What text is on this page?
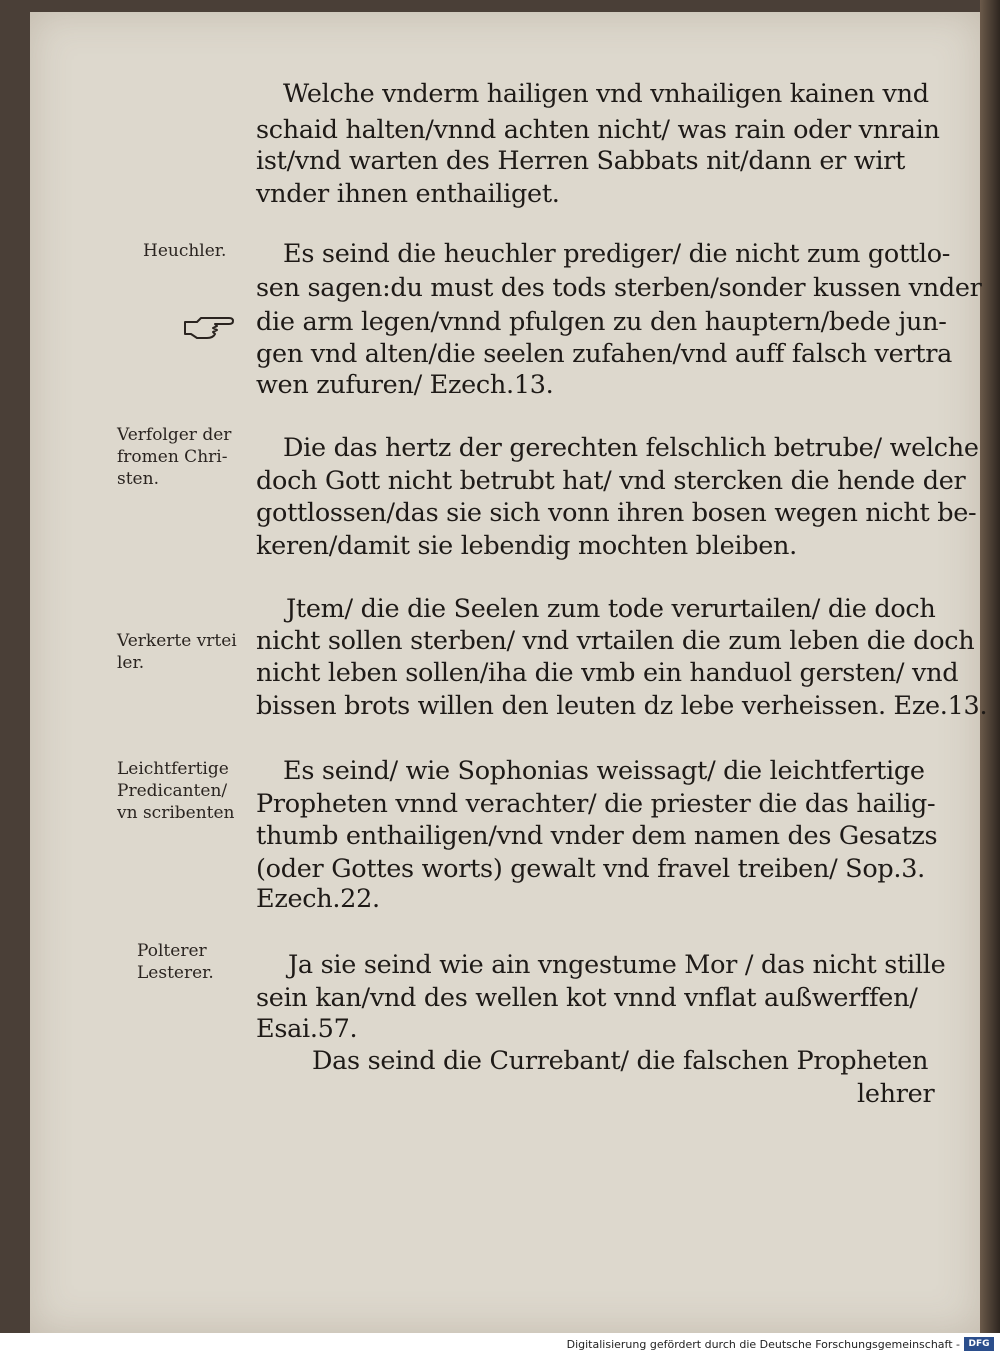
Welche vnderm hailigen vnd vnhailigen kainen vnd
schaid halten/vnnd achten nicht/ was rain oder vnrain
ist/vnd warten des Herren Sabbats nit/dann er wirt
vnder ihnen enthailiget.
Es seind die heuchler prediger/ die nicht zum gottlo-
sen sagen:du must des tods sterben/sonder kussen vnder
die arm legen/vnnd pfulgen zu den hauptern/bede jun-
gen vnd alten/die seelen zufahen/vnd auff falsch vertra
wen zufuren/ Ezech.13.
Die das hertz der gerechten felschlich betrube/ welche
doch Gott nicht betrubt hat/ vnd stercken die hende der
gottlossen/das sie sich vonn ihren bosen wegen nicht be-
keren/damit sie lebendig mochten bleiben.
Jtem/ die die Seelen zum tode verurtailen/ die doch
nicht sollen sterben/ vnd vrtailen die zum leben die doch
nicht leben sollen/iha die vmb ein handuol gersten/ vnd
bissen brots willen den leuten dz lebe verheissen. Eze.13.
Es seind/ wie Sophonias weissagt/ die leichtfertige
Propheten vnnd verachter/ die priester die das hailig-
thumb enthailigen/vnd vnder dem namen des Gesatzs
(oder Gottes worts) gewalt vnd fravel treiben/ Sop.3.
Ezech.22.
Ja sie seind wie ain vngestume Mor / das nicht stille
sein kan/vnd des wellen kot vnnd vnflat außwerffen/
Esai.57.
Das seind die Currebant/ die falschen Propheten
lehrer
Heuchler.
Verfolger der
fromen Chri-
sten.
Verkerte vrtei
ler.
Leichtfertige
Predicanten/
vn scribenten
Polterer
Lesterer.
Digitalisierung gefördert durch die Deutsche Forschungsgemeinschaft - DFG
